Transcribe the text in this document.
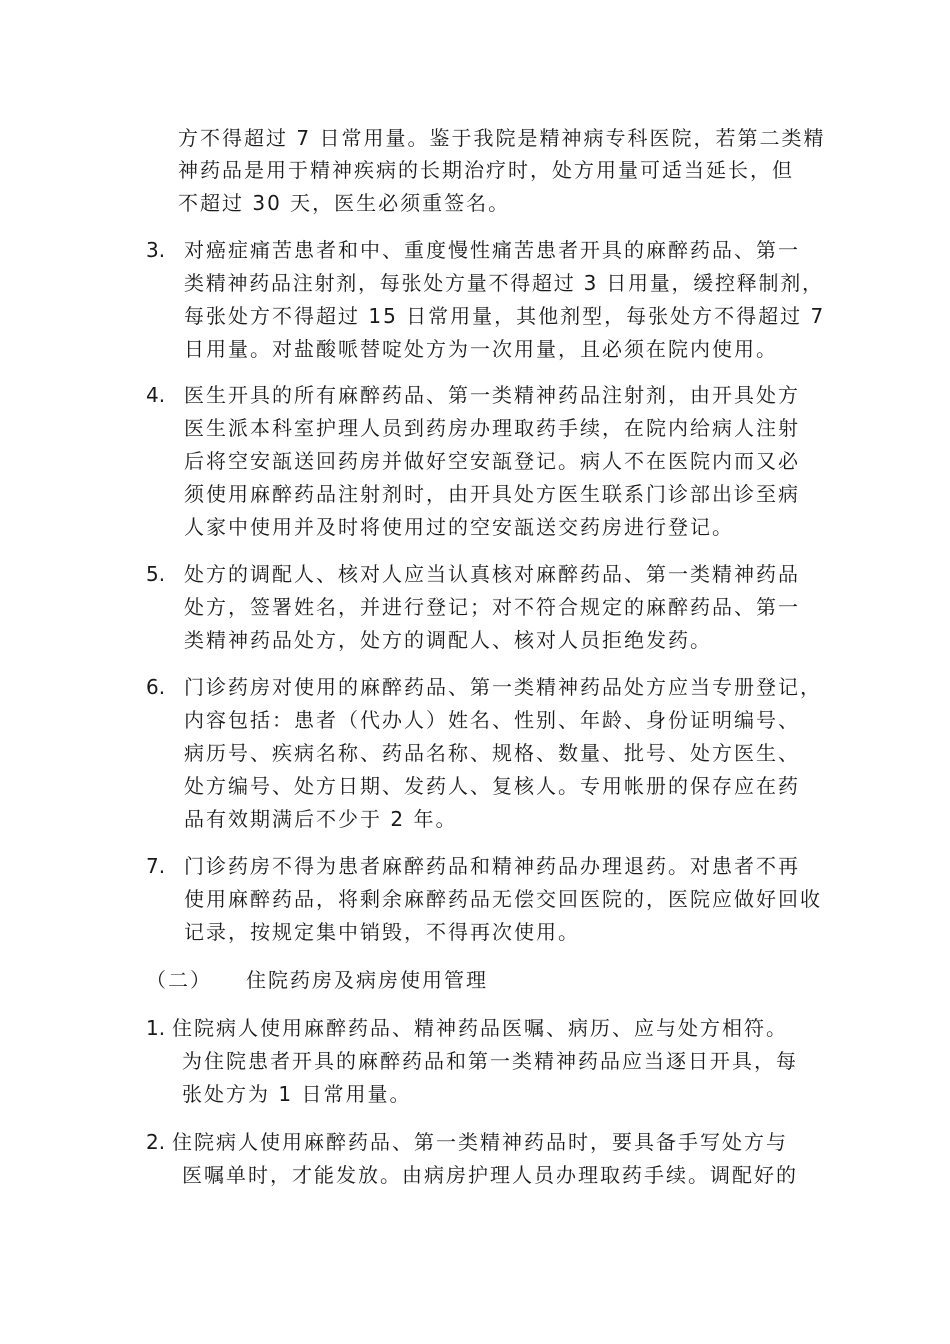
方不得超过 7 日常用量。鉴于我院是精神病专科医院，若第二类精
神药品是用于精神疾病的长期治疗时，处方用量可适当延长，但
不超过 30 天，医生必须重签名。
3. 对癌症痛苦患者和中、重度慢性痛苦患者开具的麻醉药品、第一
类精神药品注射剂，每张处方量不得超过 3 日用量，缓控释制剂，
每张处方不得超过 15 日常用量，其他剂型，每张处方不得超过 7
日用量。对盐酸哌替啶处方为一次用量，且必须在院内使用。
4. 医生开具的所有麻醉药品、第一类精神药品注射剂，由开具处方
医生派本科室护理人员到药房办理取药手续，在院内给病人注射
后将空安瓿送回药房并做好空安瓿登记。病人不在医院内而又必
须使用麻醉药品注射剂时，由开具处方医生联系门诊部出诊至病
人家中使用并及时将使用过的空安瓿送交药房进行登记。
5. 处方的调配人、核对人应当认真核对麻醉药品、第一类精神药品
处方，签署姓名，并进行登记；对不符合规定的麻醉药品、第一
类精神药品处方，处方的调配人、核对人员拒绝发药。
6. 门诊药房对使用的麻醉药品、第一类精神药品处方应当专册登记，
内容包括：患者（代办人）姓名、性别、年龄、身份证明编号、
病历号、疾病名称、药品名称、规格、数量、批号、处方医生、
处方编号、处方日期、发药人、复核人。专用帐册的保存应在药
品有效期满后不少于 2 年。
7. 门诊药房不得为患者麻醉药品和精神药品办理退药。对患者不再
使用麻醉药品，将剩余麻醉药品无偿交回医院的，医院应做好回收
记录，按规定集中销毁，不得再次使用。
（二） 住院药房及病房使用管理
1. 住院病人使用麻醉药品、精神药品医嘱、病历、应与处方相符。
为住院患者开具的麻醉药品和第一类精神药品应当逐日开具，每
张处方为 1 日常用量。
2. 住院病人使用麻醉药品、第一类精神药品时，要具备手写处方与
医嘱单时，才能发放。由病房护理人员办理取药手续。调配好的
